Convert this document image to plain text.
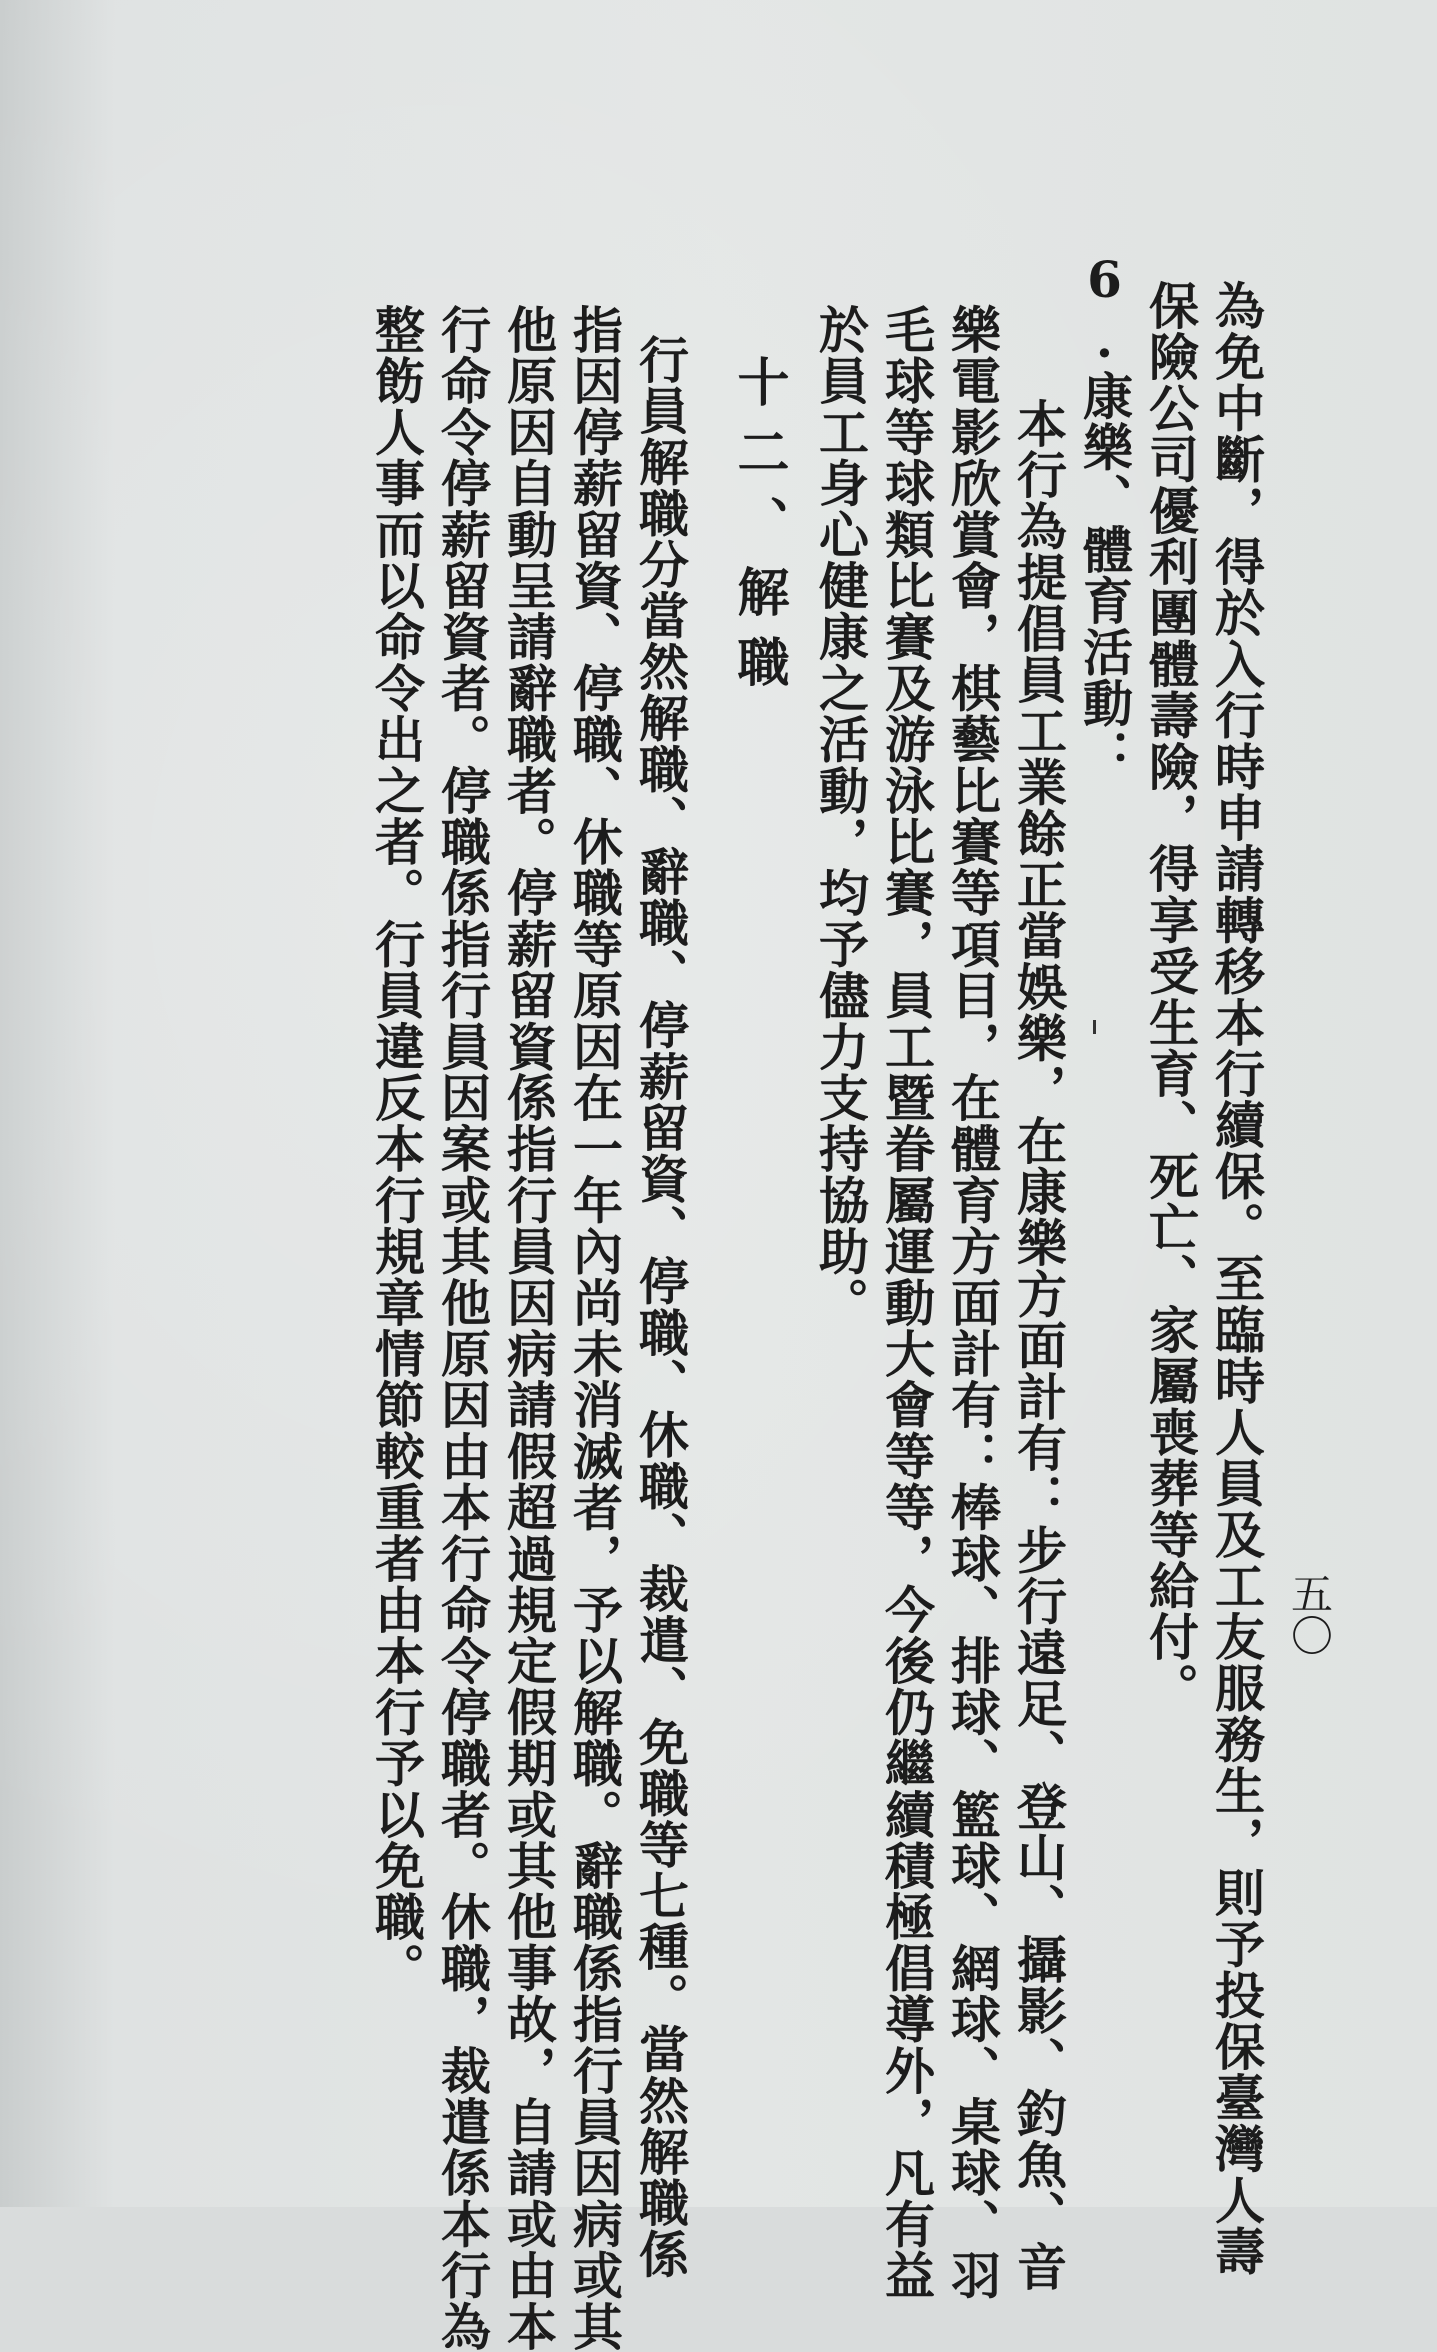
五〇
為免中斷，得於入行時申請轉移本行續保。至臨時人員及工友服務生，則予投保臺灣人壽
保險公司優利團體壽險，得享受生育、死亡、家屬喪葬等給付。
6.康樂、體育活動：
本行為提倡員工業餘正當娛樂，在康樂方面計有：步行遠足、登山、攝影、釣魚、音
樂電影欣賞會，棋藝比賽等項目，在體育方面計有：棒球、排球、籃球、網球、桌球、羽
毛球等球類比賽及游泳比賽，員工暨眷屬運動大會等等，今後仍繼續積極倡導外，凡有益
於員工身心健康之活動，均予儘力支持協助。
十二、解職
行員解職分當然解職、辭職、停薪留資、停職、休職、裁遣、免職等七種。當然解職係
指因停薪留資、停職、休職等原因在一年內尚未消滅者，予以解職。辭職係指行員因病或其
他原因自動呈請辭職者。停薪留資係指行員因病請假超過規定假期或其他事故，自請或由本
行命令停薪留資者。停職係指行員因案或其他原因由本行命令停職者。休職，裁遣係本行為
整飭人事而以命令出之者。行員違反本行規章情節較重者由本行予以免職。
